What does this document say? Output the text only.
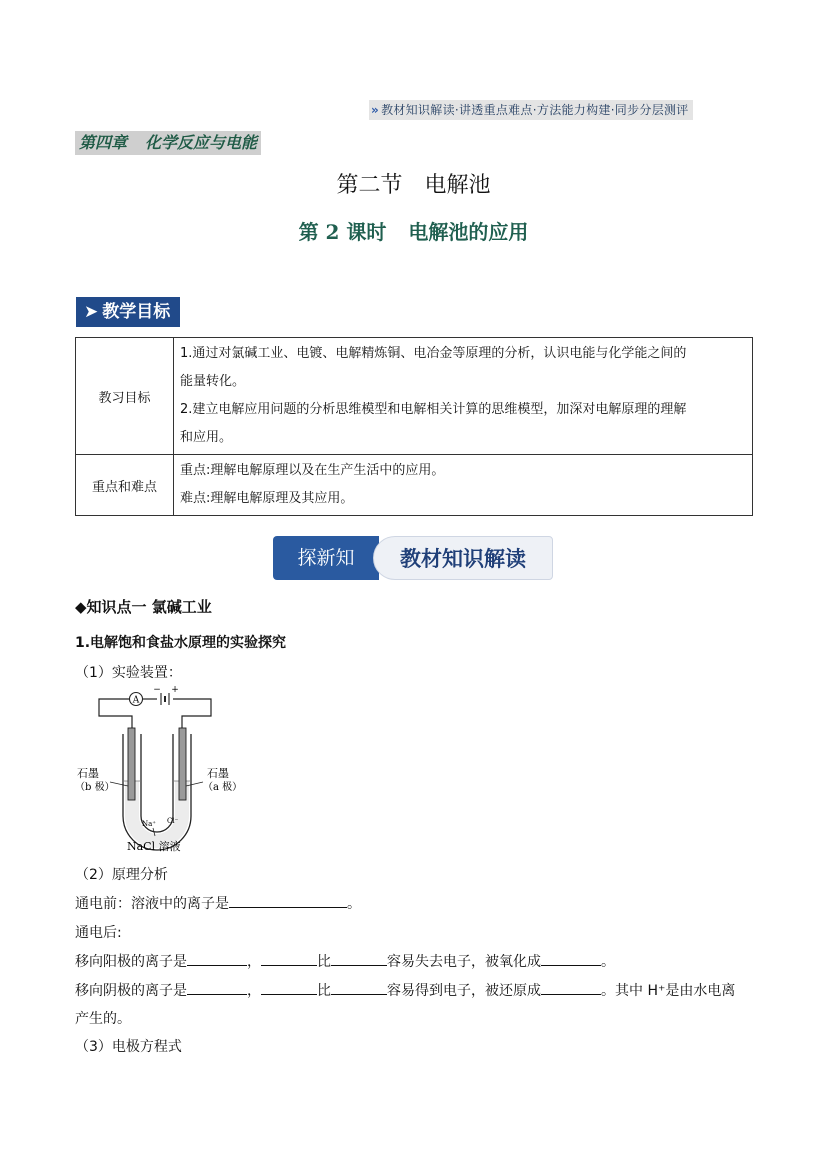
» 教材知识解读·讲透重点难点·方法能力构建·同步分层测评
第四章 化学反应与电能
第二节 电解池
第 2 课时 电解池的应用
➤ 教学目标
教习目标	1.通过对氯碱工业、电镀、电解精炼铜、电冶金等原理的分析，认识电能与化学能之间的
能量转化。
2.建立电解应用问题的分析思维模型和电解相关计算的思维模型，加深对电解原理的理解
和应用。

重点和难点	重点:理解电解原理以及在生产生活中的应用。
难点:理解电解原理及其应用。
探新知	教材知识解读
◆知识点一 氯碱工业
1.电解饱和食盐水原理的实验探究
（1）实验装置：
A
− +
石墨
（b 极）
石墨
（a 极）
Na⁺ Cl⁻
NaCl 溶液
（2）原理分析
通电前：溶液中的离子是	。
通电后:
移向阳极的离子是	，	比	容易失去电子，被氧化成	。
移向阴极的离子是	，	比	容易得到电子，被还原成	。其中 H⁺是由水电离
产生的。
（3）电极方程式
